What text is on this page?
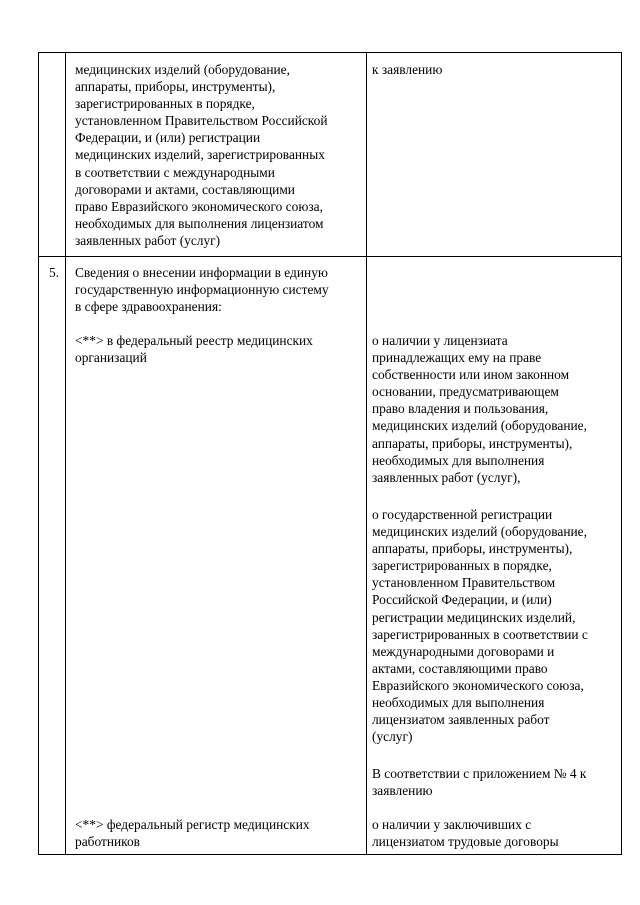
медицинских изделий (оборудование,
аппараты, приборы, инструменты),
зарегистрированных в порядке,
установленном Правительством Российской
Федерации, и (или) регистрации
медицинских изделий, зарегистрированных
в соответствии с международными
договорами и актами, составляющими
право Евразийского экономического союза,
необходимых для выполнения лицензиатом
заявленных работ (услуг)
к заявлению
5. Сведения о внесении информации в единую
государственную информационную систему
в сфере здравоохранения:
<**> в федеральный реестр медицинских
организаций
о наличии у лицензиата
принадлежащих ему на праве
собственности или ином законном
основании, предусматривающем
право владения и пользования,
медицинских изделий (оборудование,
аппараты, приборы, инструменты),
необходимых для выполнения
заявленных работ (услуг),
о государственной регистрации
медицинских изделий (оборудование,
аппараты, приборы, инструменты),
зарегистрированных в порядке,
установленном Правительством
Российской Федерации, и (или)
регистрации медицинских изделий,
зарегистрированных в соответствии с
международными договорами и
актами, составляющими право
Евразийского экономического союза,
необходимых для выполнения
лицензиатом заявленных работ
(услуг)
В соответствии с приложением № 4 к
заявлению
<**> федеральный регистр медицинских
работников
о наличии у заключивших с
лицензиатом трудовые договоры
